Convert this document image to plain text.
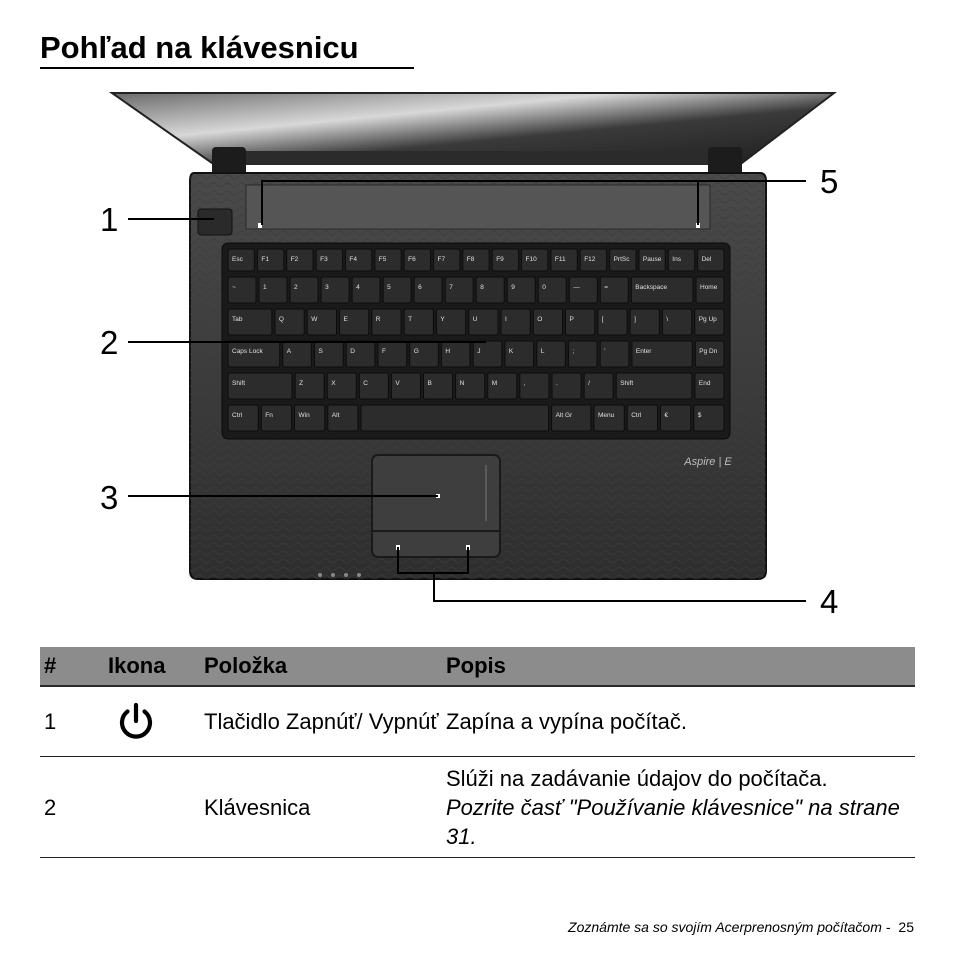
Pohľad na klávesnicu
Esc	F1	F2	F3	F4	F5	F6	F7	F8	F9	F10	F11	F12	PrtSc Pause Ins	Del
~	1	2	3	4	5	6	7	8	9	0	—	=	Backspace	Home
Tab	Q	W	E	R	T	Y	U	I	O	P	[	]	\	Pg Up
Caps Lock	A	S	D	F	G	H	J	K	L	;	'	Enter	Pg Dn
Shift	Z	X	C	V	B	N	M	,	.	/	Shift	End
Ctrl	Fn	Win	Alt	Alt Gr	Menu	Ctrl	€	$
Aspire | E
1
2
3
4
5
#	Ikona	Položka	Popis
1		Tlačidlo Zapnúť/ Vypnúť	Zapína a vypína počítač.
2		Klávesnica	Slúži na zadávanie údajov do počítača.
Pozrite časť "Používanie klávesnice" na strane 31.
Zoznámte sa so svojím Acerprenosným počítačom - 25
